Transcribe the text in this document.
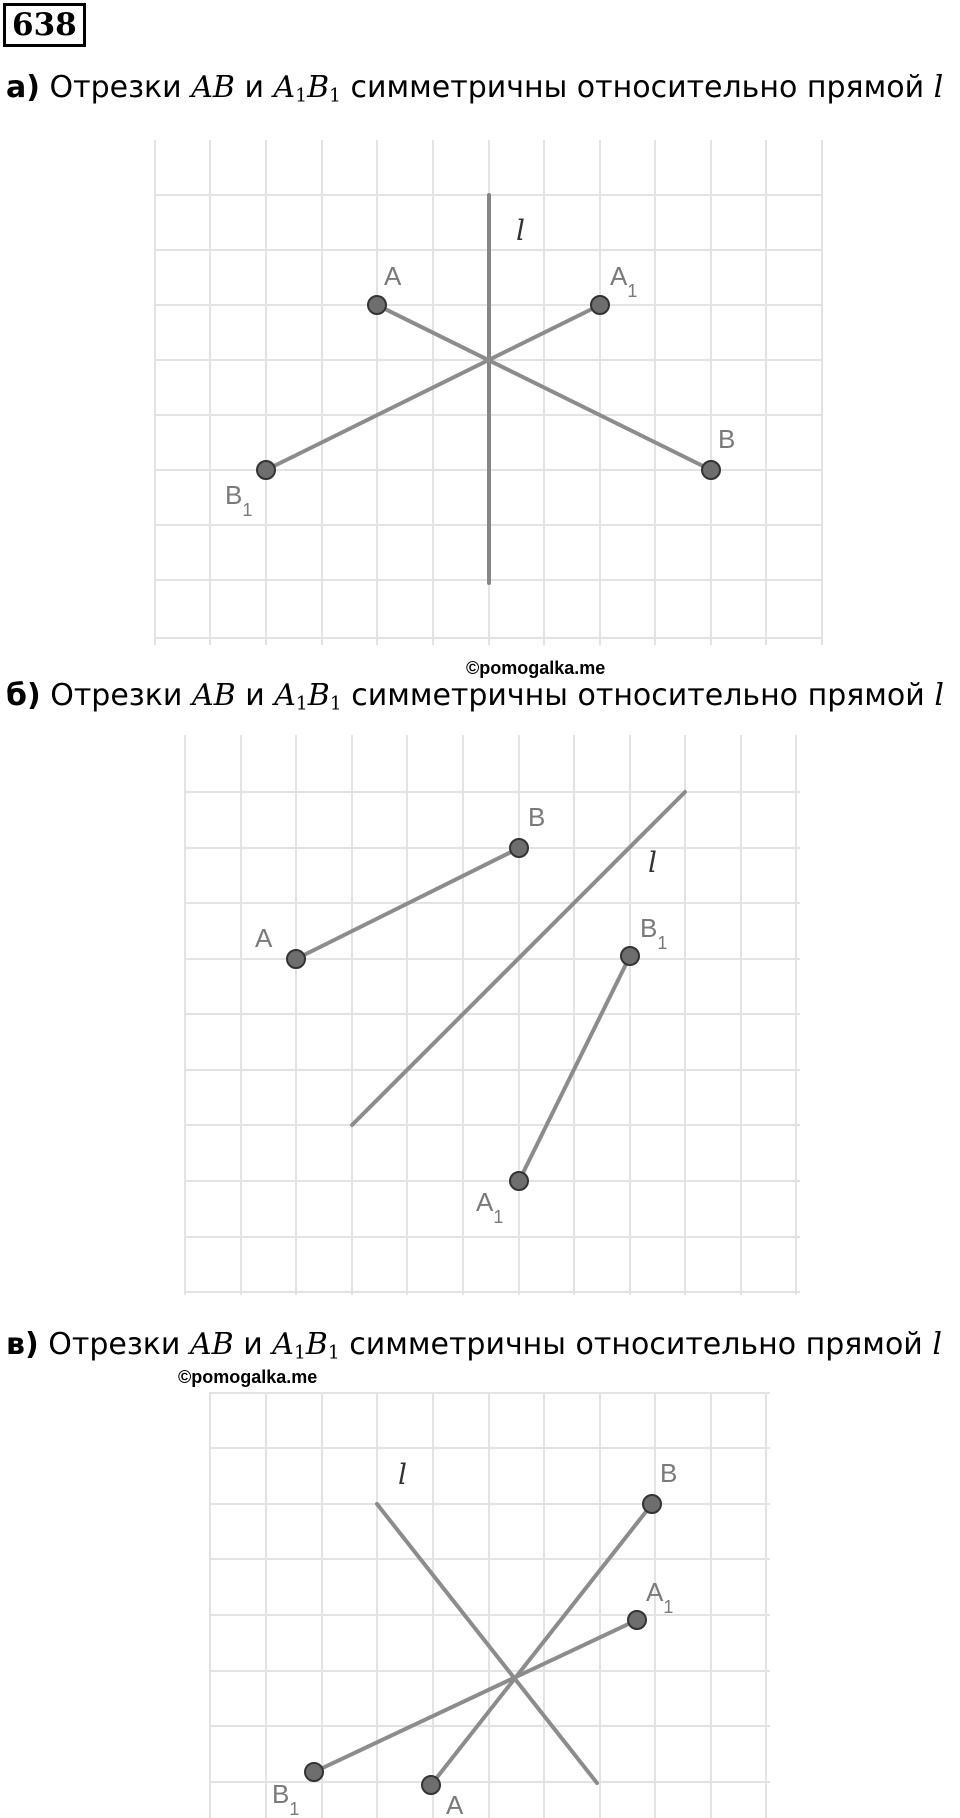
638
а) Отрезки AB и $A_1B_1$ симметричны относительно прямой l
l
A	$A_1$
B
$B_1$
©pomogalka.me
б) Отрезки AB и $A_1B_1$ симметричны относительно прямой l
l
B
A	$B_1$
$A_1$
в) Отрезки AB и $A_1B_1$ симметричны относительно прямой l
©pomogalka.me
l	B
$A_1$
$B_1$	A
